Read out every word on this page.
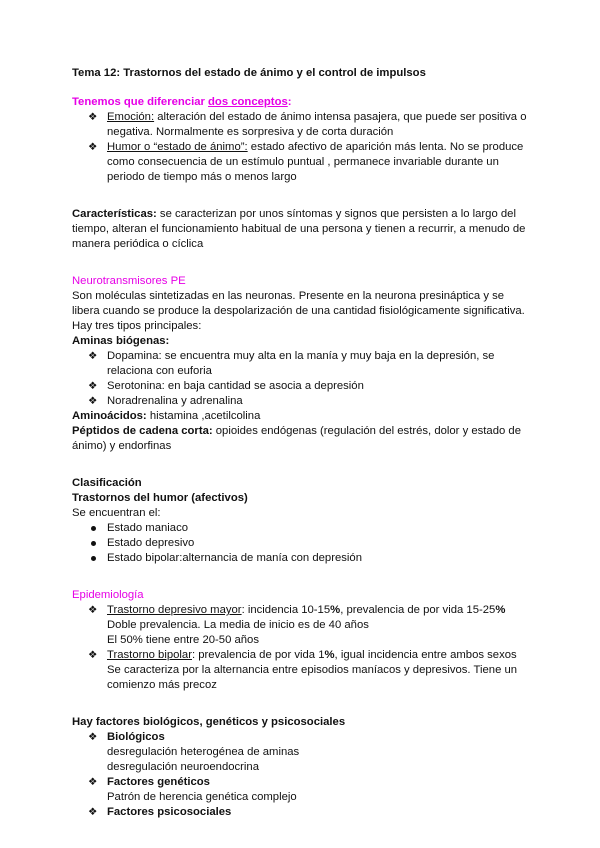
Tema 12: Trastornos del estado de ánimo y el control de impulsos

Tenemos que diferenciar dos conceptos:

❖ Emoción: alteración del estado de ánimo intensa pasajera, que puede ser positiva o negativa. Normalmente es sorpresiva y de corta duración
❖ Humor o “estado de ánimo”: estado afectivo de aparición más lenta. No se produce como consecuencia de un estímulo puntual , permanece invariable durante un periodo de tiempo más o menos largo

Características: se caracterizan por unos síntomas y signos que persisten a lo largo del tiempo, alteran el funcionamiento habitual de una persona y tienen a recurrir, a menudo de manera periódica o cíclica

Neurotransmisores PE

Son moléculas sintetizadas en las neuronas. Presente en la neurona presináptica y se libera cuando se produce la despolarización de una cantidad fisiológicamente significativa.

Hay tres tipos principales:

Aminas biógenas:

❖ Dopamina: se encuentra muy alta en la manía y muy baja en la depresión, se relaciona con euforia
❖ Serotonina: en baja cantidad se asocia a depresión
❖ Noradrenalina y adrenalina

Aminoácidos: histamina ,acetilcolina

Péptidos de cadena corta: opioides endógenas (regulación del estrés, dolor y estado de ánimo) y endorfinas

Clasificación

Trastornos del humor (afectivos)

Se encuentran el:

Estado maniaco
Estado depresivo
Estado bipolar:alternancia de manía con depresión

Epidemiología

❖ Trastorno depresivo mayor: incidencia 10-15%, prevalencia de por vida 15-25%

Doble prevalencia. La media de inicio es de 40 años

El 50% tiene entre 20-50 años

❖ Trastorno bipolar: prevalencia de por vida 1%, igual incidencia entre ambos sexos Se caracteriza por la alternancia entre episodios maníacos y depresivos. Tiene un comienzo más precoz

Hay factores biológicos, genéticos y psicosociales

❖ Biológicos

desregulación heterogénea de aminas

desregulación neuroendocrina

❖ Factores genéticos

Patrón de herencia genética complejo

❖ Factores psicosociales
